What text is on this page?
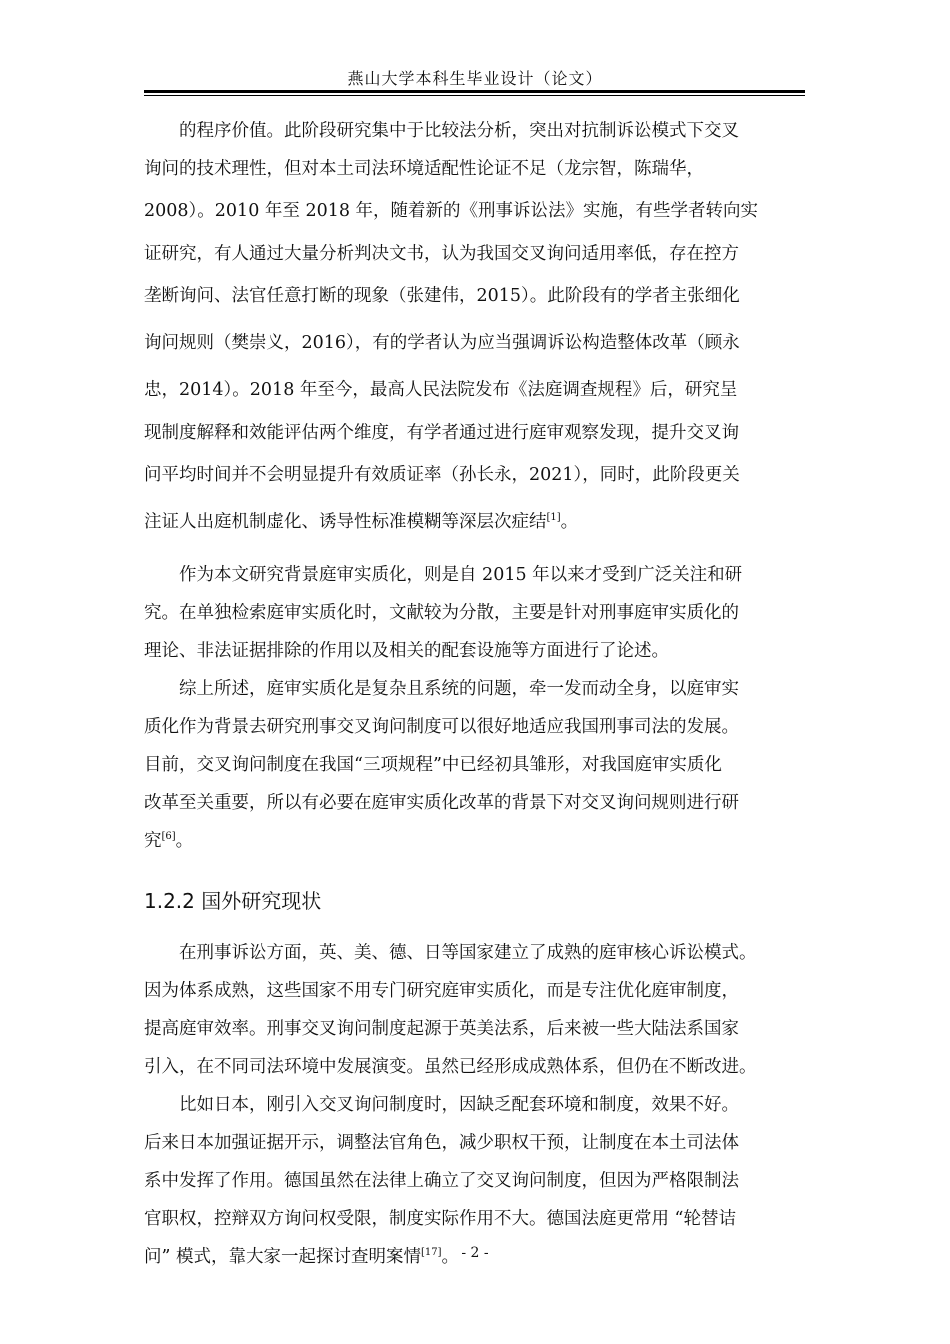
燕山大学本科生毕业设计（论文）

的程序价值。此阶段研究集中于比较法分析，突出对抗制诉讼模式下交叉
询问的技术理性，但对本土司法环境适配性论证不足（龙宗智，陈瑞华，
2008）。2010 年至 2018 年，随着新的《刑事诉讼法》实施，有些学者转向实
证研究，有人通过大量分析判决文书，认为我国交叉询问适用率低，存在控方
垄断询问、法官任意打断的现象（张建伟，2015）。此阶段有的学者主张细化
询问规则（樊崇义，2016），有的学者认为应当强调诉讼构造整体改革（顾永
忠，2014）。2018 年至今，最高人民法院发布《法庭调查规程》后，研究呈
现制度解释和效能评估两个维度，有学者通过进行庭审观察发现，提升交叉询
问平均时间并不会明显提升有效质证率（孙长永，2021），同时，此阶段更关
注证人出庭机制虚化、诱导性标准模糊等深层次症结[1]。

作为本文研究背景庭审实质化，则是自 2015 年以来才受到广泛关注和研
究。在单独检索庭审实质化时，文献较为分散，主要是针对刑事庭审实质化的
理论、非法证据排除的作用以及相关的配套设施等方面进行了论述。

综上所述，庭审实质化是复杂且系统的问题，牵一发而动全身，以庭审实
质化作为背景去研究刑事交叉询问制度可以很好地适应我国刑事司法的发展。
目前，交叉询问制度在我国“三项规程”中已经初具雏形，对我国庭审实质化
改革至关重要，所以有必要在庭审实质化改革的背景下对交叉询问规则进行研
究[6]。

1.2.2 国外研究现状

在刑事诉讼方面，英、美、德、日等国家建立了成熟的庭审核心诉讼模式。
因为体系成熟，这些国家不用专门研究庭审实质化，而是专注优化庭审制度，
提高庭审效率。刑事交叉询问制度起源于英美法系，后来被一些大陆法系国家
引入，在不同司法环境中发展演变。虽然已经形成成熟体系，但仍在不断改进。

比如日本，刚引入交叉询问制度时，因缺乏配套环境和制度，效果不好。
后来日本加强证据开示，调整法官角色，减少职权干预，让制度在本土司法体
系中发挥了作用。德国虽然在法律上确立了交叉询问制度，但因为严格限制法
官职权，控辩双方询问权受限，制度实际作用不大。德国法庭更常用 “轮替诘
问” 模式，靠大家一起探讨查明案情[17]。 - 2 -
